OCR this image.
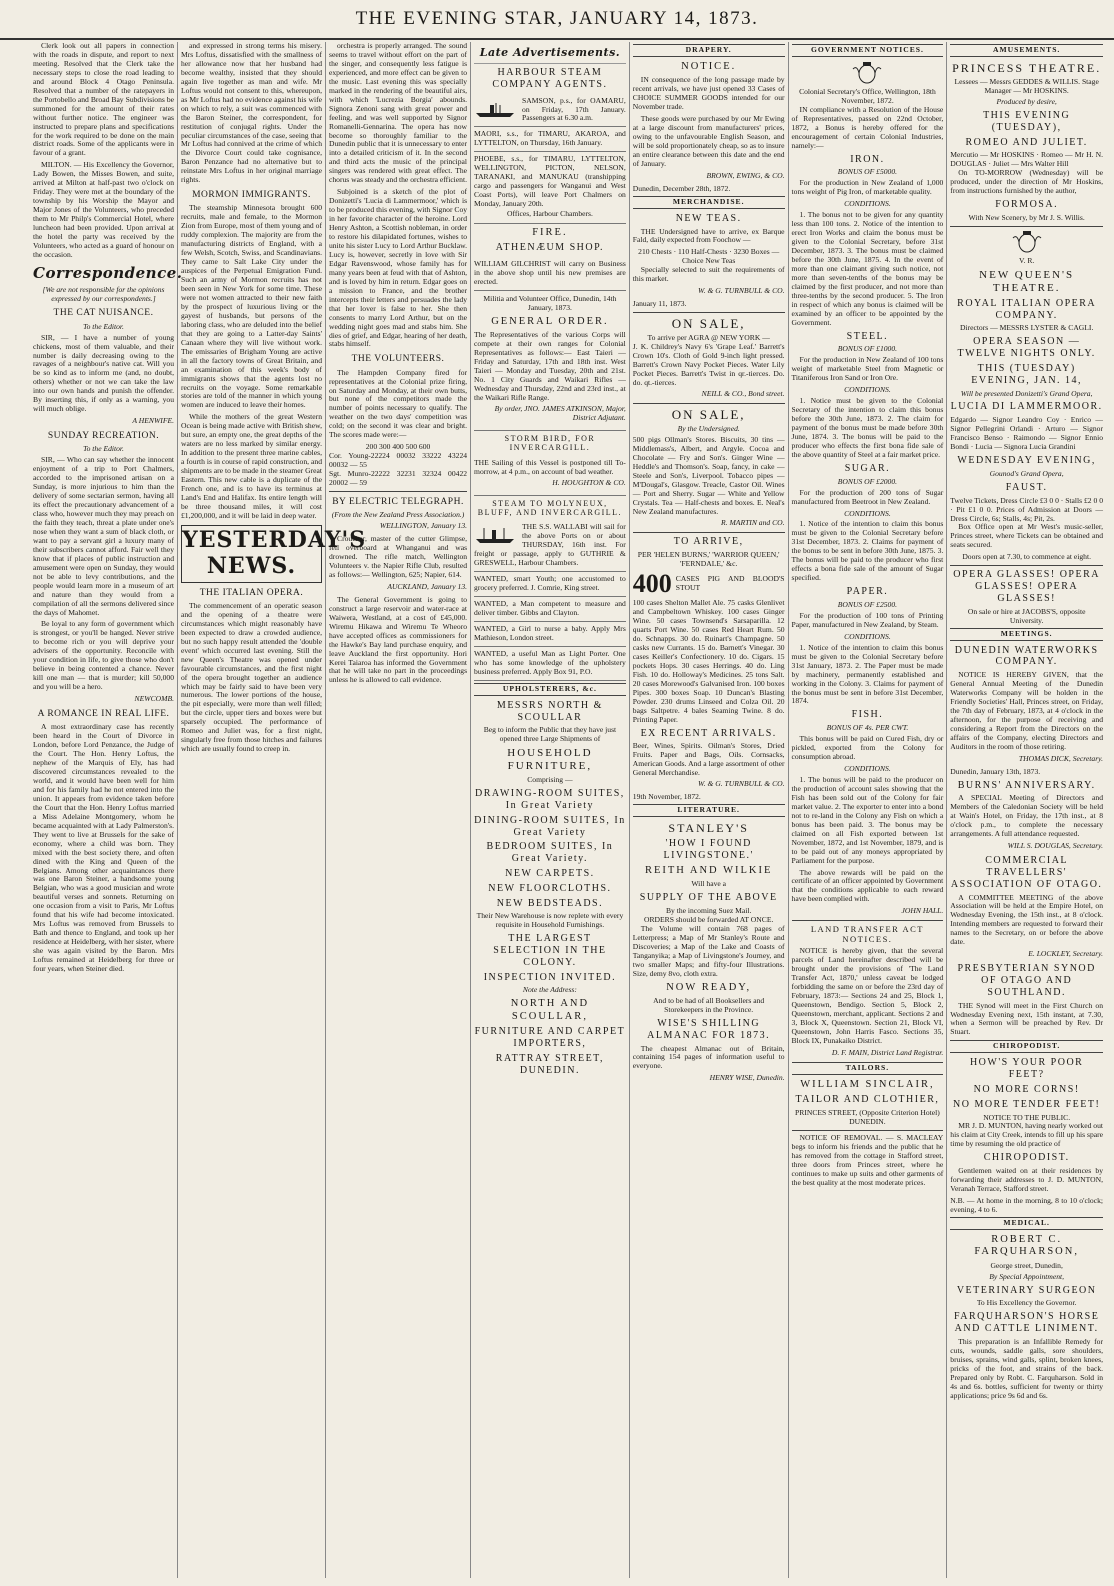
THE EVENING STAR, JANUARY 14, 1873.

Clerk look out all papers in connection with the roads in dispute, and report to next meeting. Resolved that the Clerk take the necessary steps to close the road leading to and around Block 4 Otago Peninsula. Resolved that a number of the ratepayers in the Portobello and Broad Bay Subdivisions be summoned for the amount of their rates without further notice. The engineer was instructed to prepare plans and specifications for the work required to be done on the main district roads. Some of the applicants were in favour of a grant.

MILTON. — His Excellency the Governor, Lady Bowen, the Misses Bowen, and suite, arrived at Milton at half-past two o'clock on Friday. They were met at the boundary of the township by his Worship the Mayor and Major Jones of the Volunteers, who preceded them to Mr Philp's Commercial Hotel, where luncheon had been provided. Upon arrival at the hotel the party was received by the Volunteers, who acted as a guard of honour on the occasion.

Correspondence.
[We are not responsible for the opinions expressed by our correspondents.]
THE CAT NUISANCE.
To the Editor.

SIR, — I have a number of young chickens, most of them valuable, and their number is daily decreasing owing to the ravages of a neighbour's native cat. Will you be so kind as to inform me (and, no doubt, others) whether or not we can take the law into our own hands and punish the offender. By inserting this, if only as a warning, you will much oblige.

A HENWIFE.
SUNDAY RECREATION.
To the Editor.

SIR, — Who can say whether the innocent enjoyment of a trip to Port Chalmers, accorded to the imprisoned artisan on a Sunday, is more injurious to him than the delivery of some sectarian sermon, having all its effect the precautionary advancement of a class who, however much they may preach on the faith they teach, threat a plate under one's nose when they want a sum of black cloth, or want to pay a servant girl a luxury many of their subscribers cannot afford. Fair well they know that if places of public instruction and amusement were open on Sunday, they would not be able to levy contributions, and the people would learn more in a museum of art and nature than they would from a compilation of all the sermons delivered since the days of Mahomet.

Be loyal to any form of government which is strongest, or you'll be hanged. Never strive to become rich or you will deprive your advisers of the opportunity. Reconcile with your condition in life, to give those who don't believe in being contented a chance. Never kill one man — that is murder; kill 50,000 and you will be a hero.

NEWCOMB.
A ROMANCE IN REAL LIFE.

A most extraordinary case has recently been heard in the Court of Divorce in London, before Lord Penzance, the Judge of the Court. The Hon. Henry Loftus, the nephew of the Marquis of Ely, has had discovered circumstances revealed to the world, and it would have been well for him and for his family had he not entered into the union. It appears from evidence taken before the Court that the Hon. Henry Loftus married a Miss Adelaine Montgomery, whom he became acquainted with at Lady Palmerston's. They went to live at Brussels for the sake of economy, where a child was born. They mixed with the best society there, and often dined with the King and Queen of the Belgians. Among other acquaintances there was one Baron Steiner, a handsome young Belgian, who was a good musician and wrote beautiful verses and sonnets. Returning on one occasion from a visit to Paris, Mr Loftus found that his wife had become intoxicated. Mrs Loftus was removed from Brussels to Bath and thence to England, and took up her residence at Heidelberg, with her sister, where she was again visited by the Baron. Mrs Loftus remained at Heidelberg for three or four years, when Steiner died.

and expressed in strong terms his misery. Mrs Loftus, dissatisfied with the smallness of her allowance now that her husband had become wealthy, insisted that they should again live together as man and wife. Mr Loftus would not consent to this, whereupon, as Mr Loftus had no evidence against his wife on which to rely, a suit was commenced with the Baron Steiner, the correspondent, for restitution of conjugal rights. Under the peculiar circumstances of the case, seeing that Mr Loftus had connived at the crime of which the Divorce Court could take cognisance, Baron Penzance had no alternative but to reinstate Mrs Loftus in her original marriage rights.

MORMON IMMIGRANTS.

The steamship Minnesota brought 600 recruits, male and female, to the Mormon Zion from Europe, most of them young and of ruddy complexion. The majority are from the manufacturing districts of England, with a few Welsh, Scotch, Swiss, and Scandinavians. They came to Salt Lake City under the auspices of the Perpetual Emigration Fund. Such an army of Mormon recruits has not been seen in New York for some time. These were not women attracted to their new faith by the prospect of luxurious living or the gayest of husbands, but persons of the laboring class, who are deluded into the belief that they are going to a Latter-day Saints' Canaan where they will live without work. The emissaries of Brigham Young are active in all the factory towns of Great Britain, and an examination of this week's body of immigrants shows that the agents lost no recruits on the voyage. Some remarkable stories are told of the manner in which young women are induced to leave their homes.

While the mothers of the great Western Ocean is being made active with British shew, but sure, an empty one, the great depths of the waters are no less marked by similar energy. In addition to the present three marine cables, a fourth is in course of rapid construction, and shipments are to be made in the steamer Great Eastern. This new cable is a duplicate of the French one, and is to have its terminus at Land's End and Halifax. Its entire length will be three thousand miles, it will cost £1,200,000, and it will be laid in deep water.

YESTERDAY'S NEWS.
THE ITALIAN OPERA.

The commencement of an operatic season and the opening of a theatre were circumstances which might reasonably have been expected to draw a crowded audience, but no such happy result attended the 'double event' which occurred last evening. Still the new Queen's Theatre was opened under favourable circumstances, and the first night of the opera brought together an audience which may be fairly said to have been very numerous. The lower portions of the house, the pit especially, were more than well filled; but the circle, upper tiers and boxes were but sparsely occupied. The performance of Romeo and Juliet was, for a first night, singularly free from those hitches and failures which are usually found to creep in.

orchestra is properly arranged. The sound seems to travel without effort on the part of the singer, and consequently less fatigue is experienced, and more effect can be given to the music. Last evening this was specially marked in the rendering of the beautiful airs, with which 'Lucrezia Borgia' abounds. Signora Zenoni sang with great power and feeling, and was well supported by Signor Romanelli-Gennarina. The opera has now become so thoroughly familiar to the Dunedin public that it is unnecessary to enter into a detailed criticism of it. In the second and third acts the music of the principal singers was rendered with great effect. The chorus was steady and the orchestra efficient.

Subjoined is a sketch of the plot of Donizetti's 'Lucia di Lammermoor,' which is to be produced this evening, with Signor Coy in her favorite character of the heroine. Lord Henry Ashton, a Scottish nobleman, in order to restore his dilapidated fortunes, wishes to unite his sister Lucy to Lord Arthur Bucklaw. Lucy is, however, secretly in love with Sir Edgar Ravenswood, whose family has for many years been at feud with that of Ashton, and is loved by him in return. Edgar goes on a mission to France, and the brother intercepts their letters and persuades the lady that her lover is false to her. She then consents to marry Lord Arthur, but on the wedding night goes mad and stabs him. She dies of grief, and Edgar, hearing of her death, stabs himself.

THE VOLUNTEERS.

The Hampden Company fired for representatives at the Colonial prize firing, on Saturday and Monday, at their own butts, but none of the competitors made the number of points necessary to qualify. The weather on the two days' competition was cold; on the second it was clear and bright. The scores made were:—

200 300 400 500 600
Cor. Young-22224 00032 33222 43224 00032 — 55
Sgt. Munro-22222 32231 32324 00422 20002 — 59
BY ELECTRIC TELEGRAPH.
(From the New Zealand Press Association.)
WELLINGTON, January 13.

Croucher, master of the cutter Glimpse, fell overboard at Whanganui and was drowned. The rifle match, Wellington Volunteers v. the Napier Rifle Club, resulted as follows:— Wellington, 625; Napier, 614.

AUCKLAND, January 13.

The General Government is going to construct a large reservoir and water-race at Waiwera, Westland, at a cost of £45,000. Wiremu Hikawa and Wiremu Te Wheoro have accepted offices as commissioners for the Hawke's Bay land purchase enquiry, and leave Auckland the first opportunity. Hori Kerei Taiaroa has informed the Government that he will take no part in the proceedings unless he is allowed to call evidence.

Late Advertisements.
HARBOUR STEAM COMPANY AGENTS.
SAMSON, p.s., for OAMARU, on Friday, 17th January. Passengers at 6.30 a.m.
MAORI, s.s., for TIMARU, AKAROA, and LYTTELTON, on Thursday, 16th January.
PHOEBE, s.s., for TIMARU, LYTTELTON, WELLINGTON, PICTON, NELSON, TARANAKI, and MANUKAU (transhipping cargo and passengers for Wanganui and West Coast Ports), will leave Port Chalmers on Monday, January 20th.
Offices, Harbour Chambers.
FIRE.
ATHENÆUM SHOP.
WILLIAM GILCHRIST will carry on Business in the above shop until his new premises are erected.
Militia and Volunteer Office, Dunedin, 14th January, 1873.
GENERAL ORDER.
The Representatives of the various Corps will compete at their own ranges for Colonial Representatives as follows:— East Taieri — Friday and Saturday, 17th and 18th inst. West Taieri — Monday and Tuesday, 20th and 21st. No. 1 City Guards and Waikari Rifles — Wednesday and Thursday, 22nd and 23rd inst., at the Waikari Rifle Range.
By order, JNO. JAMES ATKINSON, Major, District Adjutant.
STORM BIRD, FOR INVERCARGILL.
THE Sailing of this Vessel is postponed till To-morrow, at 4 p.m., on account of bad weather.
H. HOUGHTON & CO.
STEAM TO MOLYNEUX, BLUFF, AND INVERCARGILL.
THE S.S. WALLABI will sail for the above Ports on or about THURSDAY, 16th inst. For freight or passage, apply to GUTHRIE & GRESWELL, Harbour Chambers.
WANTED, smart Youth; one accustomed to grocery preferred. J. Comrie, King street.
WANTED, a Man competent to measure and deliver timber. Gibbs and Clayton.
WANTED, a Girl to nurse a baby. Apply Mrs Mathieson, London street.
WANTED, a useful Man as Light Porter. One who has some knowledge of the upholstery business preferred. Apply Box 91, P.O.
UPHOLSTERERS, &c.
MESSRS NORTH & SCOULLAR
Beg to inform the Public that they have just opened three Large Shipments of
HOUSEHOLD FURNITURE,
Comprising —
DRAWING-ROOM SUITES, In Great Variety
DINING-ROOM SUITES, In Great Variety
BEDROOM SUITES, In Great Variety.
NEW CARPETS.
NEW FLOORCLOTHS.
NEW BEDSTEADS.
Their New Warehouse is now replete with every requisite in Household Furnishings.
THE LARGEST SELECTION IN THE COLONY.
INSPECTION INVITED.
Note the Address:
NORTH AND SCOULLAR,
FURNITURE AND CARPET IMPORTERS,
RATTRAY STREET, DUNEDIN.
DRAPERY.
NOTICE.

IN consequence of the long passage made by recent arrivals, we have just opened 33 Cases of CHOICE SUMMER GOODS intended for our November trade.

These goods were purchased by our Mr Ewing at a large discount from manufacturers' prices, owing to the unfavourable English Season, and will be sold proportionately cheap, so as to insure an entire clearance between this date and the end of January.

BROWN, EWING, & CO.
Dunedin, December 28th, 1872.
MERCHANDISE.
NEW TEAS.

THE Undersigned have to arrive, ex Barque Fald, daily expected from Foochow —

210 Chests · 110 Half-Chests · 3230 Boxes — Choice New Teas

Specially selected to suit the requirements of this market.

W. & G. TURNBULL & CO.
January 11, 1873.
ON SALE,
To arrive per AGRA @ NEW YORK —
J. K. Childrey's Navy 6's 'Grape Leaf.' Barrett's Crown 10's. Cloth of Gold 9-inch light pressed. Barrett's Crown Navy Pocket Pieces. Water Lily Pocket Pieces. Barrett's Twist in qr.-tierces. Do. do. qt.-tierces.
NEILL & CO., Bond street.
ON SALE,
By the Undersigned.
500 pigs Ollman's Stores. Biscuits, 30 tins — Middlemass's, Albert, and Argyle. Cocoa and Chocolate — Fry and Son's. Ginger Wine — Heddle's and Thomson's. Soap, fancy, in cake — Steele and Son's, Liverpool. Tobacco pipes — M'Dougal's, Glasgow. Treacle, Castor Oil. Wines — Port and Sherry. Sugar — White and Yellow Crystals. Tea — Half-chests and boxes. E. Neal's New Zealand manufactures.
R. MARTIN and CO.
TO ARRIVE,
PER 'HELEN BURNS,' 'WARRIOR QUEEN,' 'FERNDALE,' &c.
400 CASES PIG AND BLOOD'S STOUT
100 cases Shelton Mallet Ale. 75 casks Glenlivet and Campbeltown Whiskey. 100 cases Ginger Wine. 50 cases Townsend's Sarsaparilla. 12 quarts Port Wine. 50 cases Red Heart Rum. 50 do. Schnapps. 30 do. Ruinart's Champagne. 50 casks new Currants. 15 do. Barnett's Vinegar. 30 cases Keiller's Confectionery. 10 do. Cigars. 15 pockets Hops. 30 cases Herrings. 40 do. Ling Fish. 10 do. Holloway's Medicines. 25 tons Salt. 20 cases Morewood's Galvanised Iron. 100 boxes Pipes. 300 boxes Soap. 10 Duncan's Blasting Powder. 230 drums Linseed and Colza Oil. 20 bags Saltpetre. 4 bales Seaming Twine. 8 do. Printing Paper.
EX RECENT ARRIVALS.
Beer, Wines, Spirits. Oilman's Stores, Dried Fruits. Paper and Bags, Oils. Cornsacks, American Goods. And a large assortment of other General Merchandise.
W. & G. TURNBULL & CO.
19th November, 1872.
LITERATURE.
STANLEY'S
'HOW I FOUND LIVINGSTONE.'
REITH AND WILKIE
Will have a
SUPPLY OF THE ABOVE
By the incoming Suez Mail.
ORDERS should be forwarded AT ONCE.

The Volume will contain 768 pages of Letterpress; a Map of Mr Stanley's Route and Discoveries; a Map of the Lake and Coasts of Tanganyika; a Map of Livingstone's Journey, and two smaller Maps; and fifty-four Illustrations. Size, demy 8vo, cloth extra.

NOW READY,
And to be had of all Booksellers and Storekeepers in the Province.
WISE'S SHILLING ALMANAC FOR 1873.

The cheapest Almanac out of Britain, containing 154 pages of information useful to everyone.

HENRY WISE, Dunedin.
GOVERNMENT NOTICES.
Colonial Secretary's Office, Wellington, 18th November, 1872.

IN compliance with a Resolution of the House of Representatives, passed on 22nd October, 1872, a Bonus is hereby offered for the encouragement of certain Colonial Industries, namely:—

IRON.
BONUS OF £5000.

For the production in New Zealand of 1,000 tons weight of Pig Iron, of marketable quality.

CONDITIONS.

1. The bonus not to be given for any quantity less than 100 tons. 2. Notice of the intention to erect Iron Works and claim the bonus must be given to the Colonial Secretary, before 31st December, 1873. 3. The bonus must be claimed before the 30th June, 1875. 4. In the event of more than one claimant giving such notice, not more than seven-tenths of the bonus may be claimed by the first producer, and not more than three-tenths by the second producer. 5. The Iron in respect of which any bonus is claimed will be examined by an officer to be appointed by the Government.

STEEL.
BONUS OF £1000.

For the production in New Zealand of 100 tons weight of marketable Steel from Magnetic or Titaniferous Iron Sand or Iron Ore.

CONDITIONS.

1. Notice must be given to the Colonial Secretary of the intention to claim this bonus before the 30th June, 1873. 2. The claim for payment of the bonus must be made before 30th June, 1874. 3. The bonus will be paid to the producer who effects the first bona fide sale of the above quantity of Steel at a fair market price.

SUGAR.
BONUS OF £2000.

For the production of 200 tons of Sugar manufactured from Beetroot in New Zealand.

CONDITIONS.

1. Notice of the intention to claim this bonus must be given to the Colonial Secretary before 31st December, 1873. 2. Claims for payment of the bonus to be sent in before 30th June, 1875. 3. The bonus will be paid to the producer who first effects a bona fide sale of the amount of Sugar specified.

PAPER.
BONUS OF £2500.

For the production of 100 tons of Printing Paper, manufactured in New Zealand, by Steam.

CONDITIONS.

1. Notice of the intention to claim this bonus must be given to the Colonial Secretary before 31st January, 1873. 2. The Paper must be made by machinery, permanently established and working in the Colony. 3. Claims for payment of the bonus must be sent in before 31st December, 1874.

FISH.
BONUS OF 4s. PER CWT.

This bonus will be paid on Cured Fish, dry or pickled, exported from the Colony for consumption abroad.

CONDITIONS.

1. The bonus will be paid to the producer on the production of account sales showing that the Fish has been sold out of the Colony for fair market value. 2. The exporter to enter into a bond not to re-land in the Colony any Fish on which a bonus has been paid. 3. The bonus may be claimed on all Fish exported between 1st November, 1872, and 1st November, 1879, and is to be paid out of any moneys appropriated by Parliament for the purpose.

The above rewards will be paid on the certificate of an officer appointed by Government that the conditions applicable to each reward have been complied with.

JOHN HALL.
LAND TRANSFER ACT NOTICES.

NOTICE is hereby given, that the several parcels of Land hereinafter described will be brought under the provisions of 'The Land Transfer Act, 1870,' unless caveat be lodged forbidding the same on or before the 23rd day of February, 1873:— Sections 24 and 25, Block 1, Queenstown, Bendigo. Section 5, Block 2, Queenstown, merchant, applicant. Sections 2 and 3, Block X, Queenstown. Section 21, Block VI, Queenstown, John Harris Fasco. Sections 35, Block IX, Punakaiko District.

D. F. MAIN, District Land Registrar.
TAILORS.
WILLIAM SINCLAIR,
TAILOR AND CLOTHIER,
PRINCES STREET, (Opposite Criterion Hotel) DUNEDIN.

NOTICE OF REMOVAL. — S. MACLEAY begs to inform his friends and the public that he has removed from the cottage in Stafford street, three doors from Princes street, where he continues to make up suits and other garments of the best quality at the most moderate prices.

AMUSEMENTS.
PRINCESS THEATRE.
Lessees — Messrs GEDDES & WILLIS. Stage Manager — Mr HOSKINS.
Produced by desire,
THIS EVENING (TUESDAY),
ROMEO AND JULIET.
Mercutio — Mr HOSKINS · Romeo — Mr H. N. DOUGLAS · Juliet — Mrs Walter Hill

On TO-MORROW (Wednesday) will be produced, under the direction of Mr Hoskins, from instructions furnished by the author,

FORMOSA.
With New Scenery, by Mr J. S. Willis.
V. R.
NEW QUEEN'S THEATRE.
ROYAL ITALIAN OPERA COMPANY.
Directors — MESSRS LYSTER & CAGLI.
OPERA SEASON — TWELVE NIGHTS ONLY.
THIS (TUESDAY) EVENING, JAN. 14,
Will be presented Donizetti's Grand Opera,
LUCIA DI LAMMERMOOR.
Edgardo — Signor Leandro Coy · Enrico — Signor Pellegrini Orlandi · Arturo — Signor Francisco Benso · Raimondo — Signor Ennio Bondi · Lucia — Signora Lucia Grandini
WEDNESDAY EVENING,
Gounod's Grand Opera,
FAUST.
Twelve Tickets, Dress Circle £3 0 0 · Stalls £2 0 0 · Pit £1 0 0. Prices of Admission at Doors — Dress Circle, 6s; Stalls, 4s; Pit, 2s.

Box Office open at Mr West's music-seller, Princes street, where Tickets can be obtained and seats secured.

Doors open at 7.30, to commence at eight.
OPERA GLASSES! OPERA GLASSES! OPERA GLASSES!
On sale or hire at JACOBS'S, opposite University.
MEETINGS.
DUNEDIN WATERWORKS COMPANY.

NOTICE IS HEREBY GIVEN, that the General Annual Meeting of the Dunedin Waterworks Company will be holden in the Friendly Societies' Hall, Princes street, on Friday, the 7th day of February, 1873, at 4 o'clock in the afternoon, for the purpose of receiving and considering a Report from the Directors on the affairs of the Company, electing Directors and Auditors in the room of those retiring.

THOMAS DICK, Secretary.
Dunedin, January 13th, 1873.
BURNS' ANNIVERSARY.

A SPECIAL Meeting of Directors and Members of the Caledonian Society will be held at Wain's Hotel, on Friday, the 17th inst., at 8 o'clock p.m., to complete the necessary arrangements. A full attendance requested.

WILL S. DOUGLAS, Secretary.
COMMERCIAL TRAVELLERS' ASSOCIATION OF OTAGO.

A COMMITTEE MEETING of the above Association will be held at the Empire Hotel, on Wednesday Evening, the 15th inst., at 8 o'clock. Intending members are requested to forward their names to the Secretary, on or before the above date.

E. LOCKLEY, Secretary.
PRESBYTERIAN SYNOD OF OTAGO AND SOUTHLAND.

THE Synod will meet in the First Church on Wednesday Evening next, 15th instant, at 7.30, when a Sermon will be preached by Rev. Dr Stuart.

CHIROPODIST.
HOW'S YOUR POOR FEET?
NO MORE CORNS!
NO MORE TENDER FEET!
NOTICE TO THE PUBLIC.

MR J. D. MUNTON, having nearly worked out his claim at City Creek, intends to fill up his spare time by resuming the old practice of

CHIROPODIST.

Gentlemen waited on at their residences by forwarding their addresses to J. D. MUNTON, Veranah Terrace, Stafford street.

N.B. — At home in the morning, 8 to 10 o'clock; evening, 4 to 6.
MEDICAL.
ROBERT C. FARQUHARSON,
George street, Dunedin,
By Special Appointment,
VETERINARY SURGEON
To His Excellency the Governor.
FARQUHARSON'S HORSE AND CATTLE LINIMENT.

This preparation is an Infallible Remedy for cuts, wounds, saddle galls, sore shoulders, bruises, sprains, wind galls, splint, broken knees, pricks of the foot, and strains of the back. Prepared only by Robt. C. Farquharson. Sold in 4s and 6s. bottles, sufficient for twenty or thirty applications; price 9s 6d and 6s.
